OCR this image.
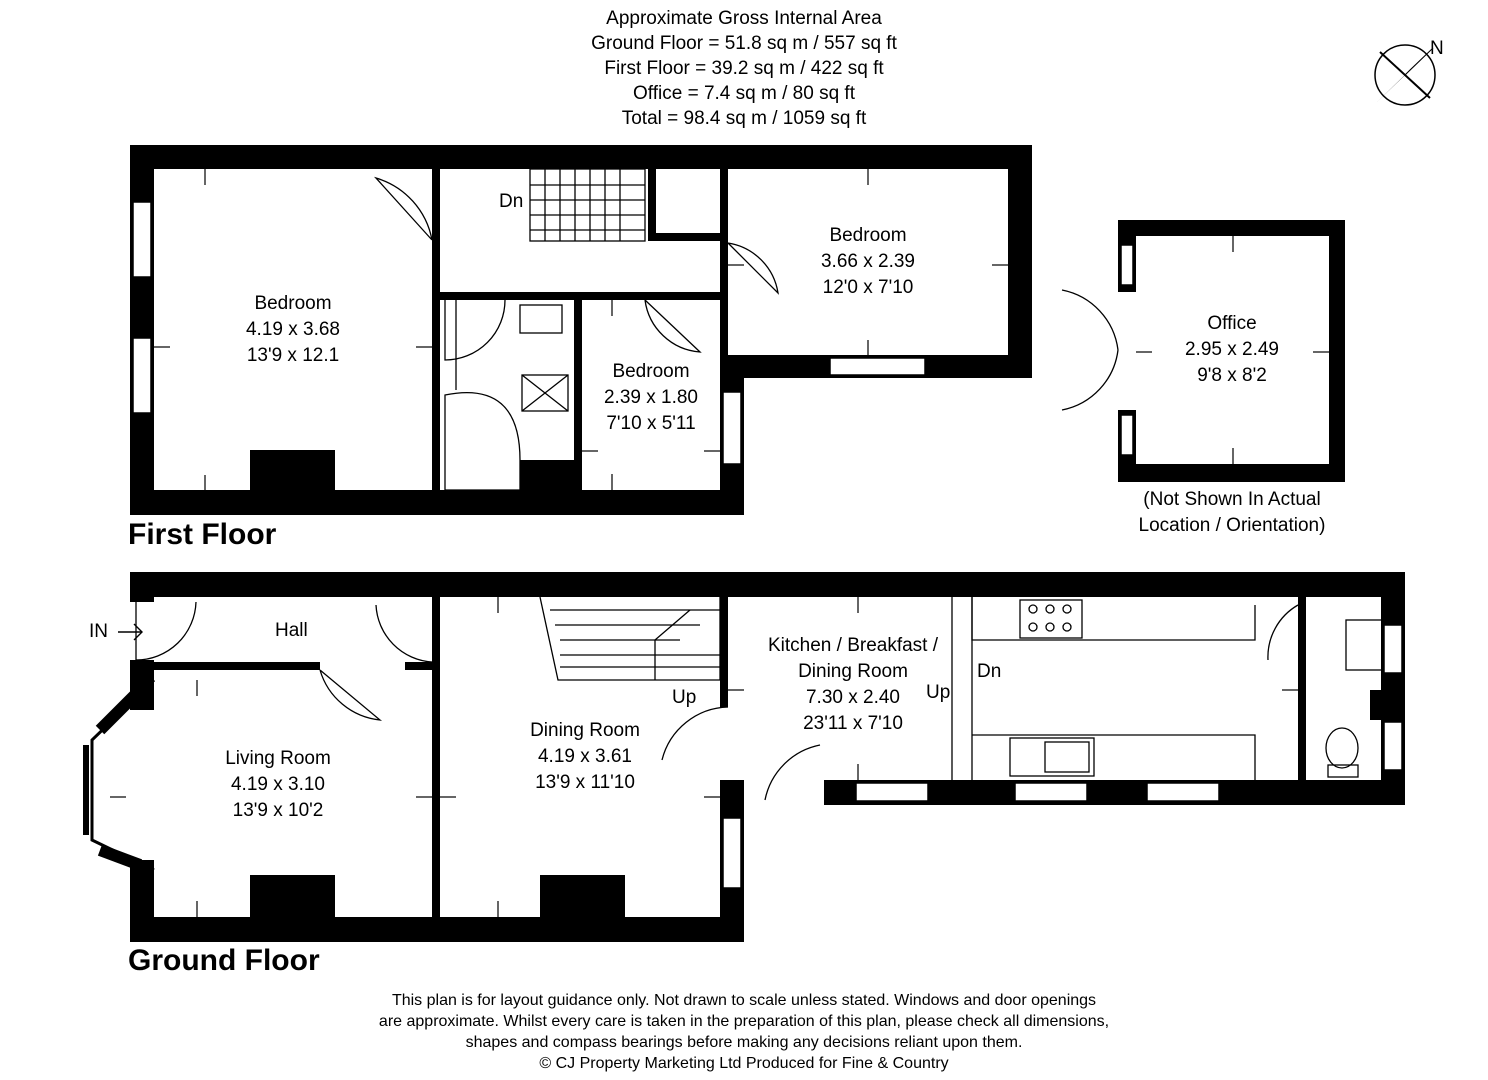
Approximate Gross Internal Area
Ground Floor = 51.8 sq m / 557 sq ft
First Floor = 39.2 sq m / 422 sq ft
Office = 7.4 sq m / 80 sq ft
Total = 98.4 sq m / 1059 sq ft
N
First Floor
Bedroom
4.19 x 3.68
13'9 x 12.1
Bedroom
3.66 x 2.39
12'0 x 7'10
Bedroom
2.39 x 1.80
7'10 x 5'11
Dn
Office
2.95 x 2.49
9'8 x 8'2
(Not Shown In Actual
Location / Orientation)
Ground Floor
IN	Hall
Living Room
4.19 x 3.10
13'9 x 10'2
Dining Room
4.19 x 3.61
13'9 x 11'10
Kitchen / Breakfast /
Dining Room
7.30 x 2.40
23'11 x 7'10
Up	Up
Dn
This plan is for layout guidance only. Not drawn to scale unless stated. Windows and door openings
are approximate. Whilst every care is taken in the preparation of this plan, please check all dimensions,
shapes and compass bearings before making any decisions reliant upon them.
© CJ Property Marketing Ltd Produced for Fine & Country
